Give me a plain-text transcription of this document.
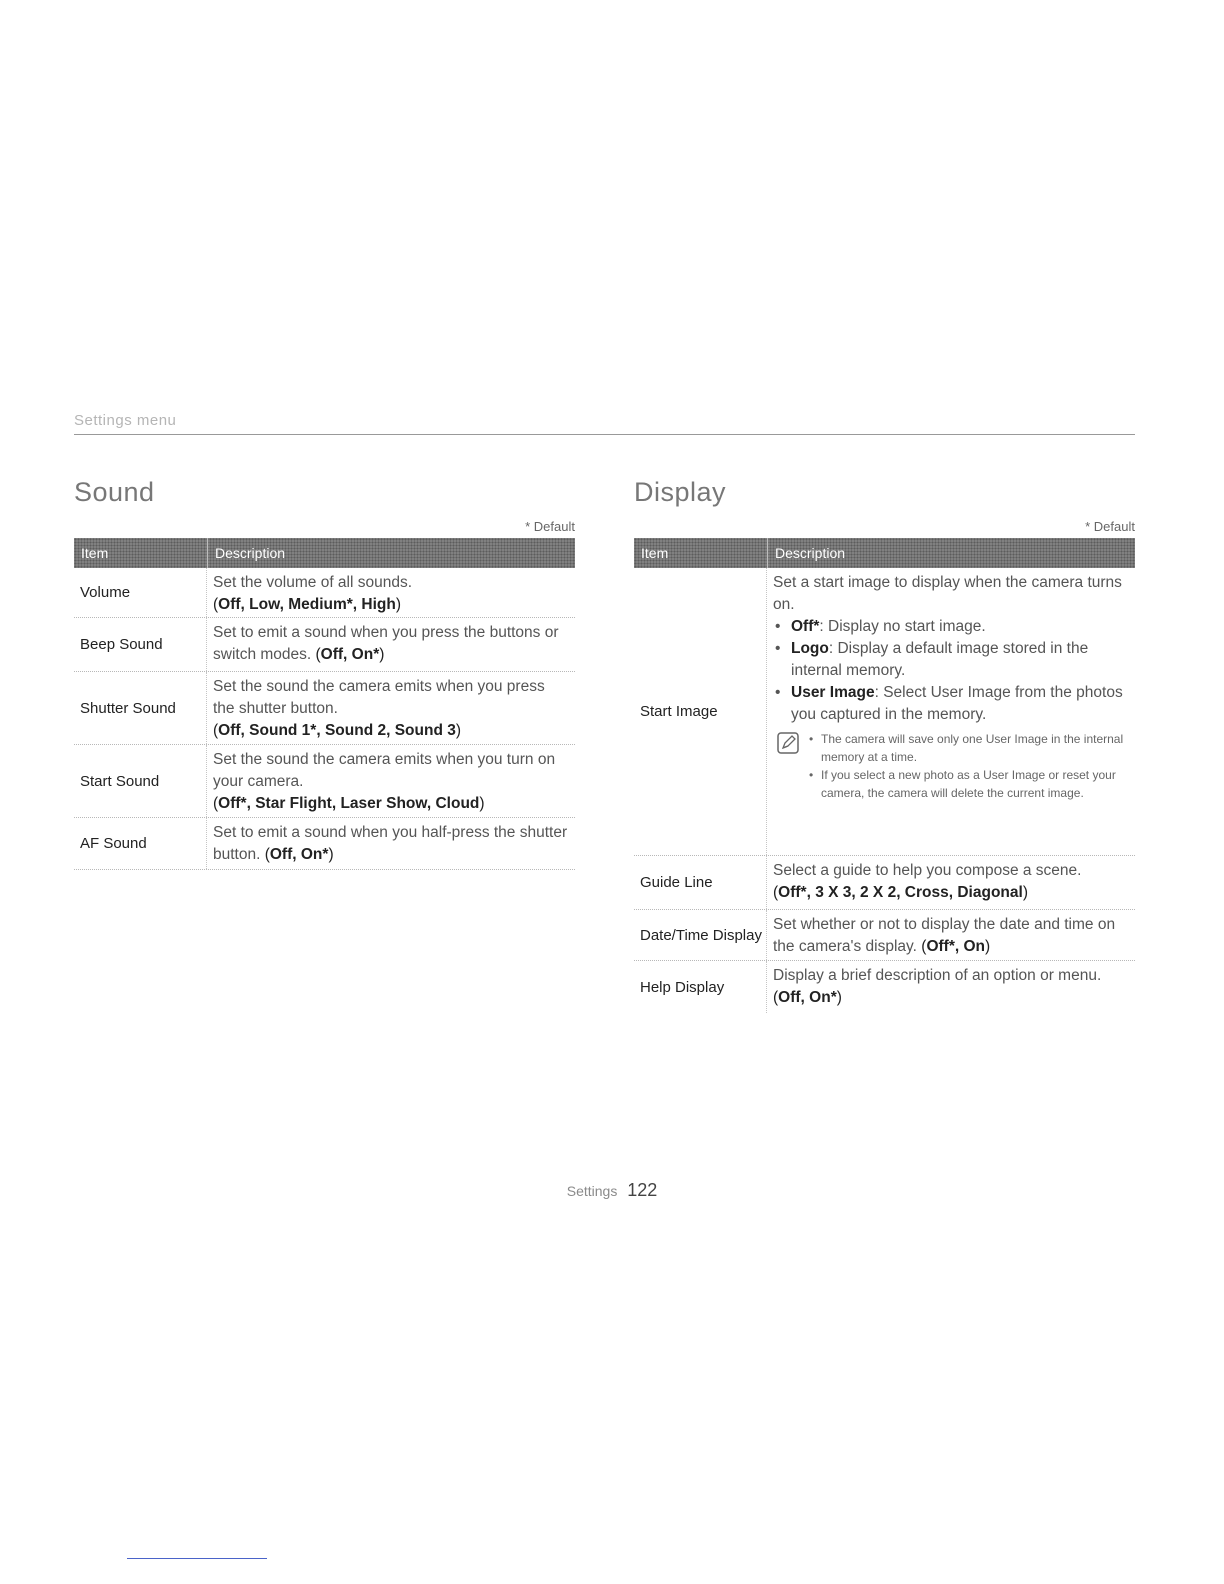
Settings menu
Sound
* Default
Item	Description
Volume
Set the volume of all sounds.
(Off, Low, Medium*, High)
Beep Sound
Set to emit a sound when you press the buttons or switch modes. (Off, On*)
Shutter Sound
Set the sound the camera emits when you press the shutter button.
(Off, Sound 1*, Sound 2, Sound 3)
Start Sound
Set the sound the camera emits when you turn on your camera.
(Off*, Star Flight, Laser Show, Cloud)
AF Sound
Set to emit a sound when you half-press the shutter button. (Off, On*)
Display
* Default
Item	Description
Start Image
Set a start image to display when the camera turns on.
• Off*: Display no start image.
• Logo: Display a default image stored in the internal memory.
• User Image: Select User Image from the photos you captured in the memory.
• The camera will save only one User Image in the internal memory at a time.
• If you select a new photo as a User Image or reset your camera, the camera will delete the current image.
Guide Line
Select a guide to help you compose a scene.
(Off*, 3 X 3, 2 X 2, Cross, Diagonal)
Date/Time Display
Set whether or not to display the date and time on the camera's display. (Off*, On)
Help Display
Display a brief description of an option or menu.
(Off, On*)
Settings 122
